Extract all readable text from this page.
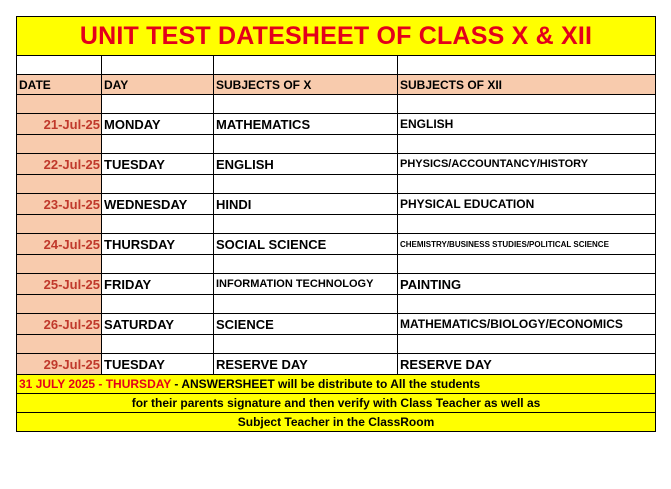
UNIT TEST DATESHEET OF CLASS X & XII			

DATE	DAY	SUBJECTS OF X	SUBJECTS OF XII

21-Jul-25	MONDAY	MATHEMATICS	ENGLISH

22-Jul-25	TUESDAY	ENGLISH	PHYSICS/ACCOUNTANCY/HISTORY

23-Jul-25	WEDNESDAY	HINDI	PHYSICAL EDUCATION

24-Jul-25	THURSDAY	SOCIAL SCIENCE	CHEMISTRY/BUSINESS STUDIES/POLITICAL SCIENCE

25-Jul-25	FRIDAY	INFORMATION TECHNOLOGY	PAINTING

26-Jul-25	SATURDAY	SCIENCE	MATHEMATICS/BIOLOGY/ECONOMICS

29-Jul-25	TUESDAY	RESERVE DAY	RESERVE DAY
31 JULY 2025 - THURSDAY - ANSWERSHEET will be distribute to All the students			
for their parents signature and then verify with Class Teacher as well as			
Subject Teacher in the ClassRoom			
